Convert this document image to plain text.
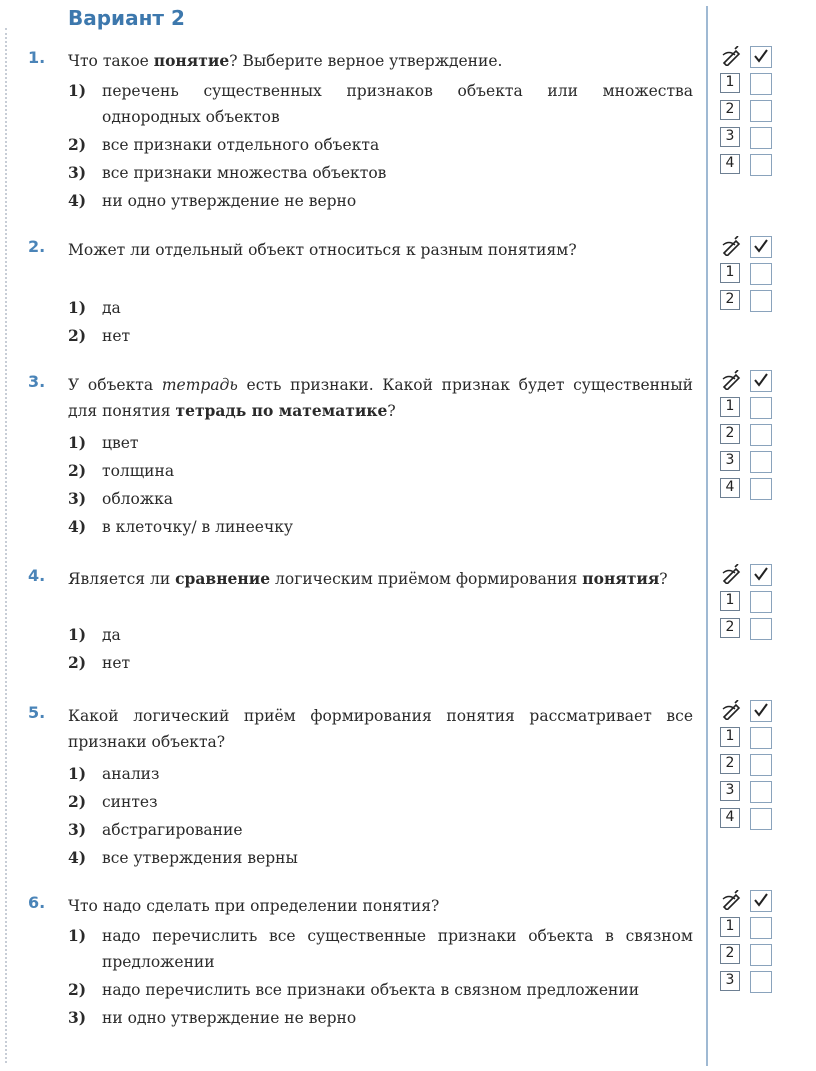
Вариант 2
1. Что такое понятие? Выберите верное утверждение.

1) перечень существенных признаков объекта или множества однородных объектов
2) все признаки отдельного объекта
3) все признаки множества объектов
4) ни одно утверждение не верно
1
2
3
4
2. Может ли отдельный объект относиться к разным понятиям?

1) да
2) нет
1
2
3. У объекта тетрадь есть признаки. Какой признак будет существенный для понятия тетрадь по математике?

1) цвет
2) толщина
3) обложка
4) в клеточку/ в линеечку
1
2
3
4
4. Является ли сравнение логическим приёмом формирования понятия?

1) да
2) нет
1
2
5. Какой логический приём формирования понятия рассматривает все признаки объекта?

1) анализ
2) синтез
3) абстрагирование
4) все утверждения верны
1
2
3
4
6. Что надо сделать при определении понятия?

1) надо перечислить все существенные признаки объекта в связном предложении
2) надо перечислить все признаки объекта в связном предложении
3) ни одно утверждение не верно
1
2
3
